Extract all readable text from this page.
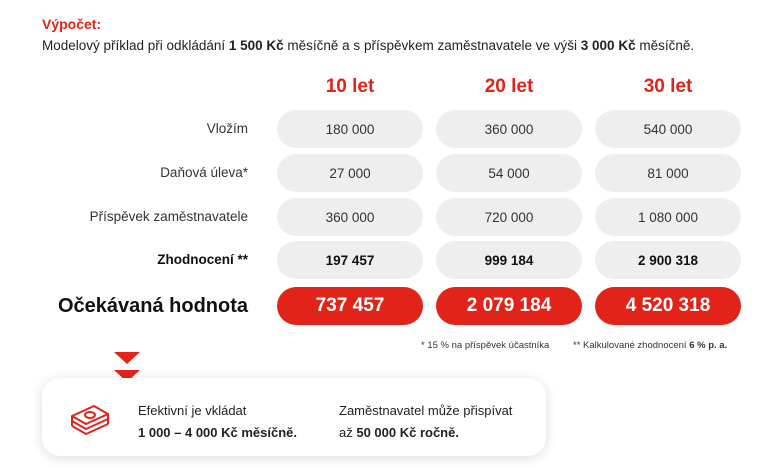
Výpočet:
Modelový příklad při odkládání 1 500 Kč měsíčně a s příspěvkem zaměstnavatele ve výši 3 000 Kč měsíčně.
10 let	20 let	30 let
Vložím	180 000	360 000	540 000
Daňová úleva*	27 000	54 000	81 000
Příspěvek zaměstnavatele	360 000	720 000	1 080 000
Zhodnocení **	197 457	999 184	2 900 318
Očekávaná hodnota	737 457	2 079 184	4 520 318
* 15 % na příspěvek účastníka ** Kalkulované zhodnocení 6 % p. a.
Efektivní je vkládat
1 000 – 4 000 Kč měsíčně.
Zaměstnavatel může přispívat
až 50 000 Kč ročně.
